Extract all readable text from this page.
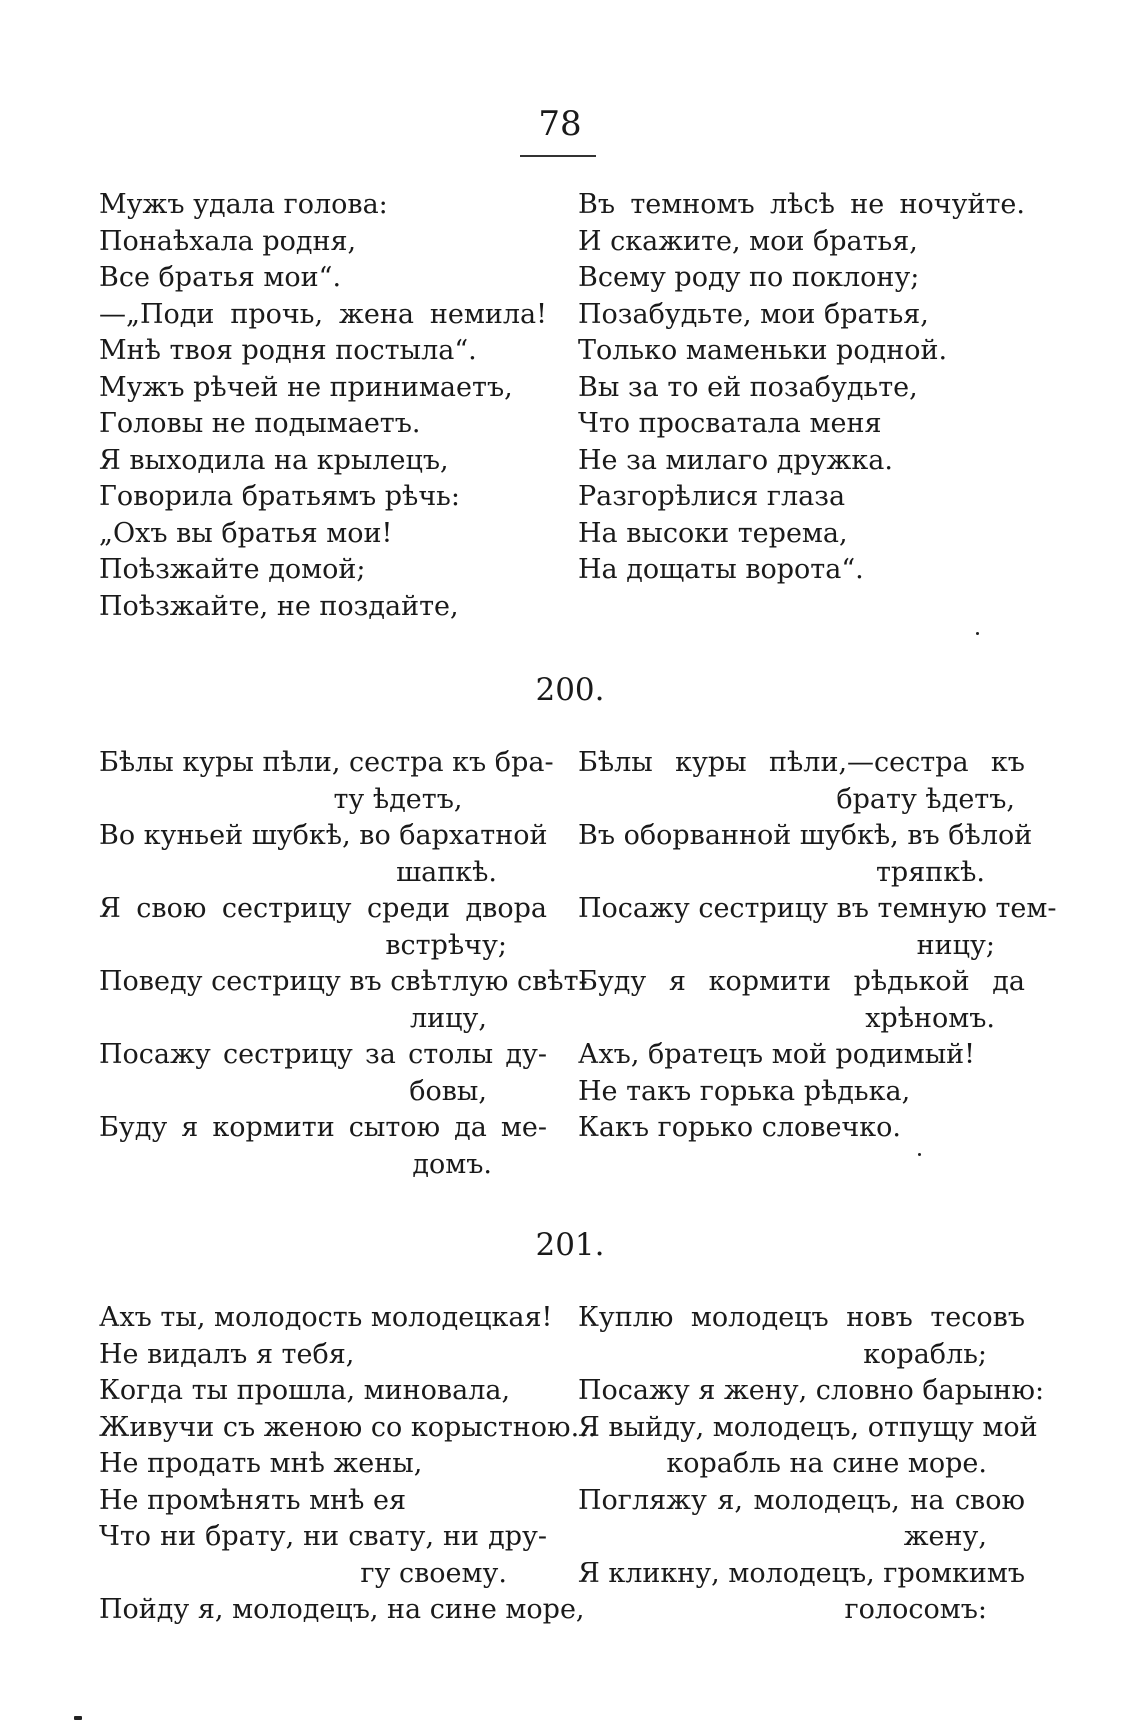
78
Мужъ удала голова:
Понаѣхала родня,
Все братья мои“.
—„Поди прочь, жена немила!
Мнѣ твоя родня постыла“.
Мужъ рѣчей не принимаетъ,
Головы не подымаетъ.
Я выходила на крылецъ,
Говорила братьямъ рѣчь:
„Охъ вы братья мои!
Поѣзжайте домой;
Поѣзжайте, не поздайте,
Въ темномъ лѣсѣ не ночуйте.
И скажите, мои братья,
Всему роду по поклону;
Позабудьте, мои братья,
Только маменьки родной.
Вы за то ей позабудьте,
Что просватала меня
Не за милаго дружка.
Разгорѣлися глаза
На высоки терема,
На дощаты ворота“.
200.
Бѣлы куры пѣли, сестра къ бра-
ту ѣдетъ,
Во куньей шубкѣ, во бархатной
шапкѣ.
Я свою сестрицу среди двора
встрѣчу;
Поведу сестрицу въ свѣтлую свѣт-
лицу,
Посажу сестрицу за столы ду-
бовы,
Буду я кормити сытою да ме-
домъ.
Бѣлы куры пѣли,—сестра къ
брату ѣдетъ,
Въ оборванной шубкѣ, въ бѣлой
тряпкѣ.
Посажу сестрицу въ темную тем-
ницу;
Буду я кормити рѣдькой да
хрѣномъ.
Ахъ, братецъ мой родимый!
Не такъ горька рѣдька,
Какъ горько словечко.
201.
Ахъ ты, молодость молодецкая!
Не видалъ я тебя,
Когда ты прошла, миновала,
Живучи съ женою со корыстною...
Не продать мнѣ жены,
Не промѣнять мнѣ ея
Что ни брату, ни свату, ни дру-
гу своему.
Пойду я, молодецъ, на сине море,
Куплю молодецъ новъ тесовъ
корабль;
Посажу я жену, словно барыню:
Я выйду, молодецъ, отпущу мой
корабль на сине море.
Погляжу я, молодецъ, на свою
жену,
Я кликну, молодецъ, громкимъ
голосомъ:
